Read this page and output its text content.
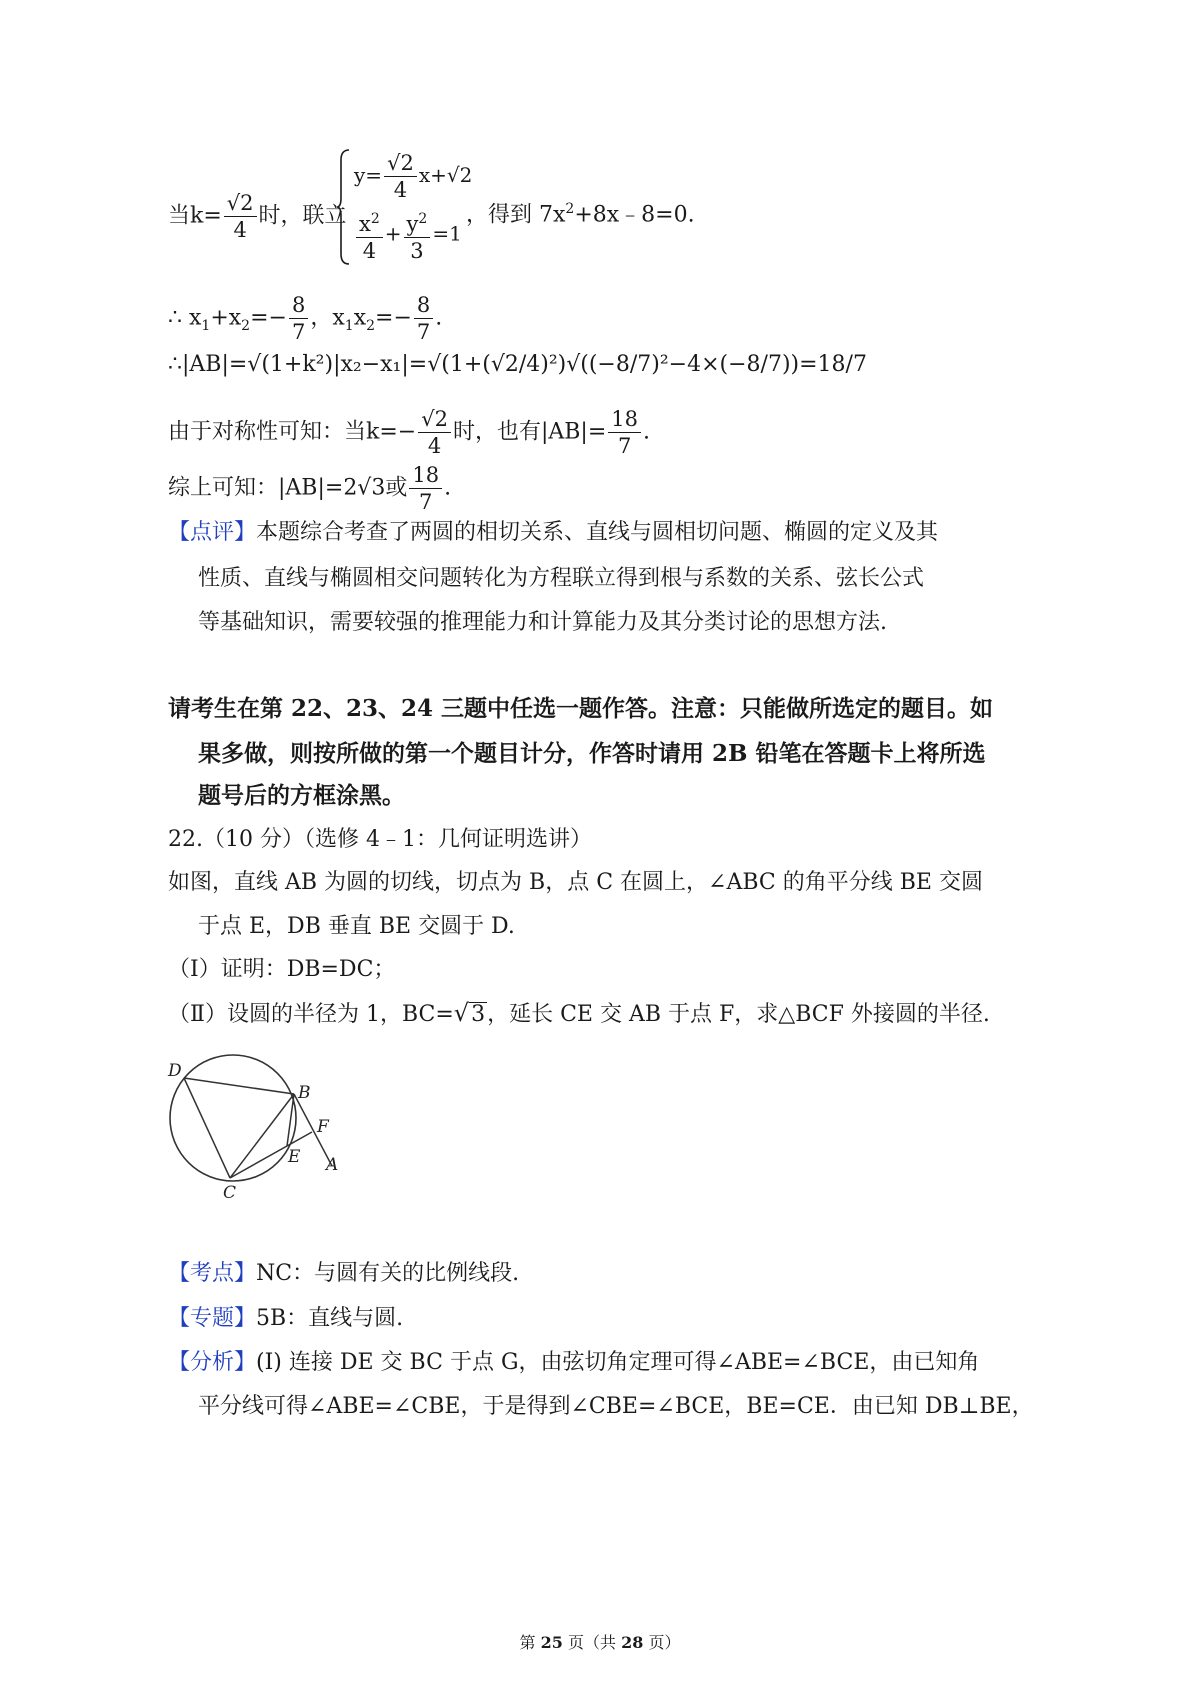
当$k= \frac{√2}{4}$ 时，联立
$y= \frac{√2}{4} x+√2$
$\frac{x^2}{4} + \frac{y^2}{3} =1$
，得到 $7x^2+8x﹣8=0$.
∴ $x_1+x_2=- \frac{8}{7}$ ，$x_1x_2=- \frac{8}{7}$ .
∴|AB|=√(1+k²)|x₂−x₁|=√(1+(√2/4)²)√((−8/7)²−4×(−8/7))=18/7
由于对称性可知：当$k=- \frac{√2}{4}$ 时，也有$|AB|= \frac{18}{7}$ .
综上可知：|AB|=2√3或 $\frac{18}{7}$ .
【点评】本题综合考查了两圆的相切关系、直线与圆相切问题、椭圆的定义及其
性质、直线与椭圆相交问题转化为方程联立得到根与系数的关系、弦长公式
等基础知识，需要较强的推理能力和计算能力及其分类讨论的思想方法.
请考生在第 22、23、24 三题中任选一题作答。注意：只能做所选定的题目。如
果多做，则按所做的第一个题目计分，作答时请用 2B 铅笔在答题卡上将所选
题号后的方框涂黑。
22.（10 分）（选修 4﹣1：几何证明选讲）
如图，直线 AB 为圆的切线，切点为 B，点 C 在圆上，∠ABC 的角平分线 BE 交圆
于点 E，DB 垂直 BE 交圆于 D.
（Ⅰ）证明：DB=DC；
（Ⅱ）设圆的半径为 1，BC=√3，延长 CE 交 AB 于点 F，求△BCF 外接圆的半径.
D
B
F
E A
C
【考点】NC：与圆有关的比例线段.
【专题】5B：直线与圆.
【分析】(Ⅰ) 连接 DE 交 BC 于点 G，由弦切角定理可得∠ABE=∠BCE，由已知角
平分线可得∠ABE=∠CBE，于是得到∠CBE=∠BCE，BE=CE．由已知 DB⊥BE，
第 25 页（共 28 页）
